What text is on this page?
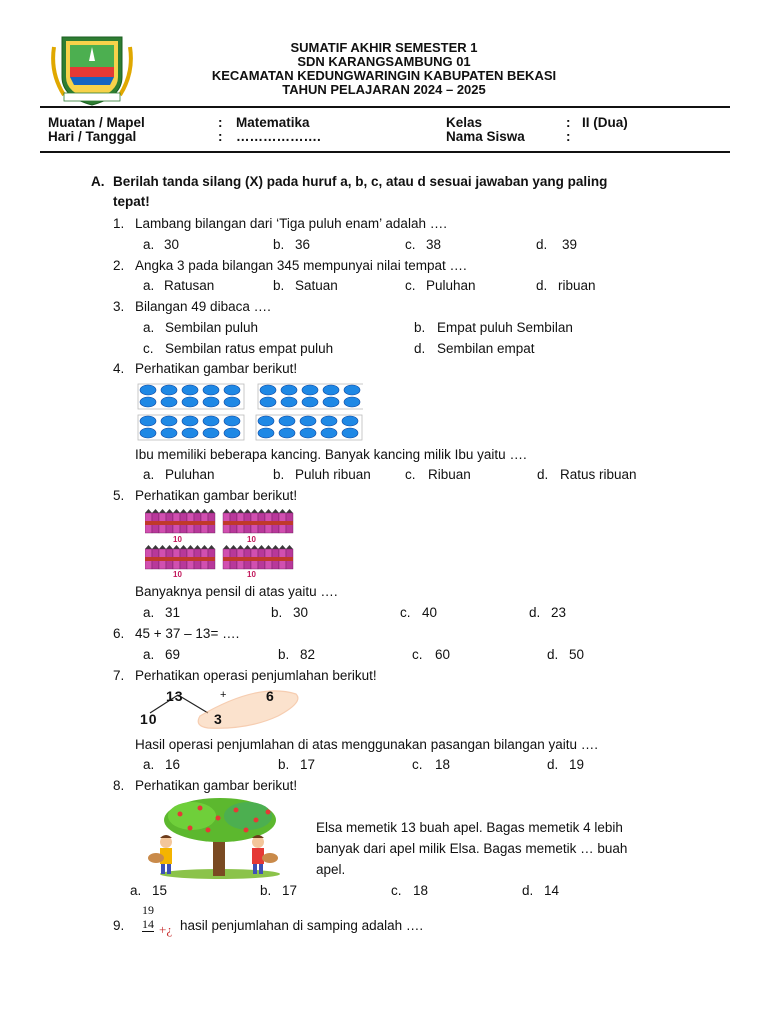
SUMATIF AKHIR SEMESTER 1
SDN KARANGSAMBUNG 01
KECAMATAN KEDUNGWARINGIN KABUPATEN BEKASI
TAHUN PELAJARAN 2024 – 2025
Muatan / Mapel	: Matematika	Kelas	: II (Dua)
Hari / Tanggal	: ……………….	Nama Siswa	:
A. Berilah tanda silang (X) pada huruf a, b, c, atau d sesuai jawaban yang paling
tepat!
1. Lambang bilangan dari ‘Tiga puluh enam’ adalah ….
a. 30	b. 36	c. 38	d. 39
2. Angka 3 pada bilangan 345 mempunyai nilai tempat ….
a. Ratusan	b. Satuan	c. Puluhan	d. ribuan
3. Bilangan 49 dibaca ….
a. Sembilan puluh	b. Empat puluh Sembilan
c. Sembilan ratus empat puluh	d. Sembilan empat
4. Perhatikan gambar berikut!
Ibu memiliki beberapa kancing. Banyak kancing milik Ibu yaitu ….
a. Puluhan	b. Puluh ribuan	c. Ribuan	d. Ratus ribuan
5. Perhatikan gambar berikut!
10	10
10	10
Banyaknya pensil di atas yaitu ….
a. 31	b. 30	c. 40	d. 23
6. 45 + 37 – 13= ….
a. 69	b. 82	c. 60	d. 50
7. Perhatikan operasi penjumlahan berikut!
13	+	6
10	3
Hasil operasi penjumlahan di atas menggunakan pasangan bilangan yaitu ….
a. 16	b. 17	c. 18	d. 19
8. Perhatikan gambar berikut!
Elsa memetik 13 buah apel. Bagas memetik 4 lebih
banyak dari apel milik Elsa. Bagas memetik … buah
apel.
a. 15	b. 17	c. 18	d. 14
19
9. 14 +¿ hasil penjumlahan di samping adalah ….
